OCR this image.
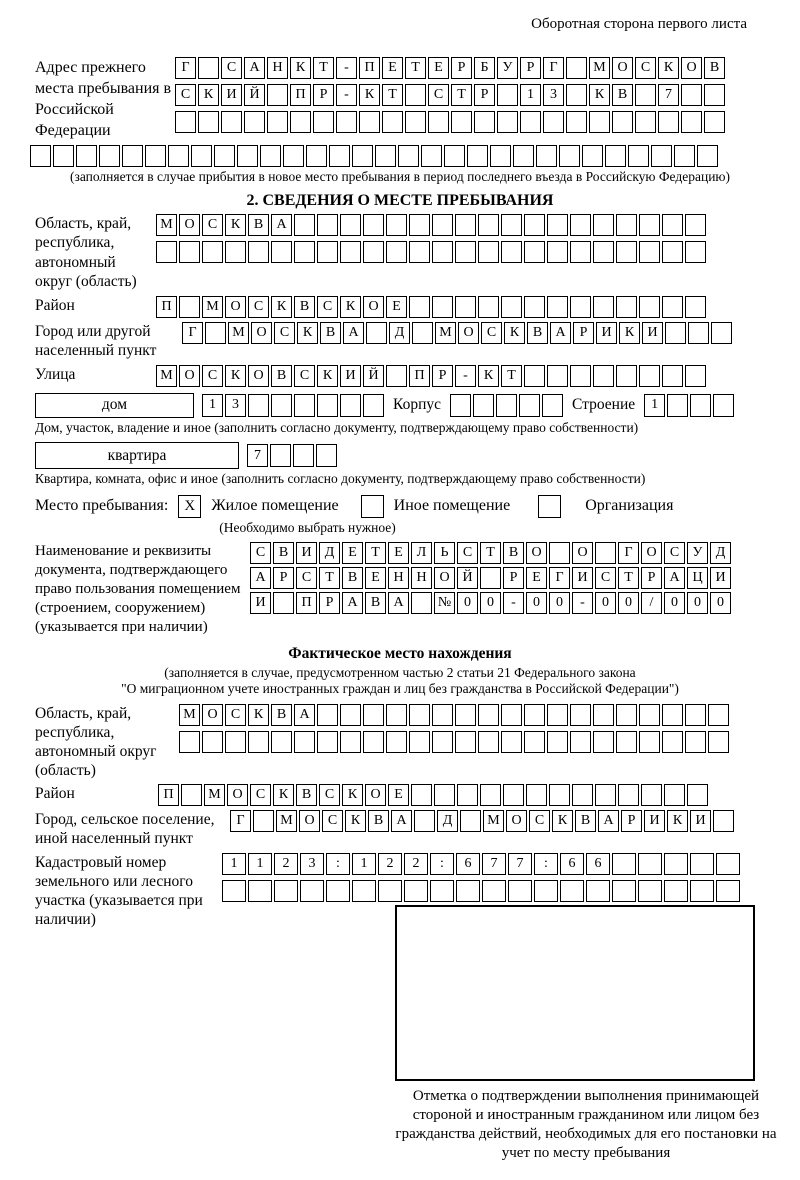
Оборотная сторона первого листа
Адрес прежнего места пребывания в Российской Федерации
Г	С А Н К	Т	-	П Е	Т	Е	Р	Б	У	Р	Г	М О С К О В
С К И Й	П	Р	-	К	Т	С	Т	Р	1	3	К В	7
(заполняется в случае прибытия в новое место пребывания в период последнего въезда в Российскую Федерацию)
2. СВЕДЕНИЯ О МЕСТЕ ПРЕБЫВАНИЯ
Область, край, республика, автономный округ (область)
М О С К В А
Район	П	М О С К В С К О Е
Город или другой населенный пункт
Г	М О С К В А	Д	М О С К В А	Р	И К И
Улица	М О С К О В С К И Й	П	Р	-	К	Т
дом	1	3	Корпус	Строение	1
Дом, участок, владение и иное (заполнить согласно документу, подтверждающему право собственности)
квартира	7
Квартира, комната, офис и иное (заполнить согласно документу, подтверждающему право собственности)
Место пребывания:	X	Жилое помещение	Иное помещение	Организация
(Необходимо выбрать нужное)
Наименование и реквизиты документа, подтверждающего право пользования помещением (строением, сооружением) (указывается при наличии)
С В И Д Е	Т	Е Л	Ь	С	Т	В О	О	Г О С У Д
А	Р	С	Т	В	Е Н Н О Й	Р	Е	Г И С	Т	Р	А Ц И
И	П	Р	А В А	№ 0	0	-	0	0	-	0	0	/	0	0	0
Фактическое место нахождения
(заполняется в случае, предусмотренном частью 2 статьи 21 Федерального закона
"О миграционном учете иностранных граждан и лиц без гражданства в Российской Федерации")
Область, край, республика, автономный округ (область)
М О С К В А
Район	П	М О С К В С К О Е
Город, сельское поселение, иной населенный пункт
Г	М О С К В А	Д	М О С К В А	Р	И К И
Кадастровый номер земельного или лесного участка (указывается при наличии)
1	1	2	3	:	1	2	2	:	6	7	7	:	6	6
Отметка о подтверждении выполнения принимающей стороной и иностранным гражданином или лицом без гражданства действий, необходимых для его постановки на учет по месту пребывания
